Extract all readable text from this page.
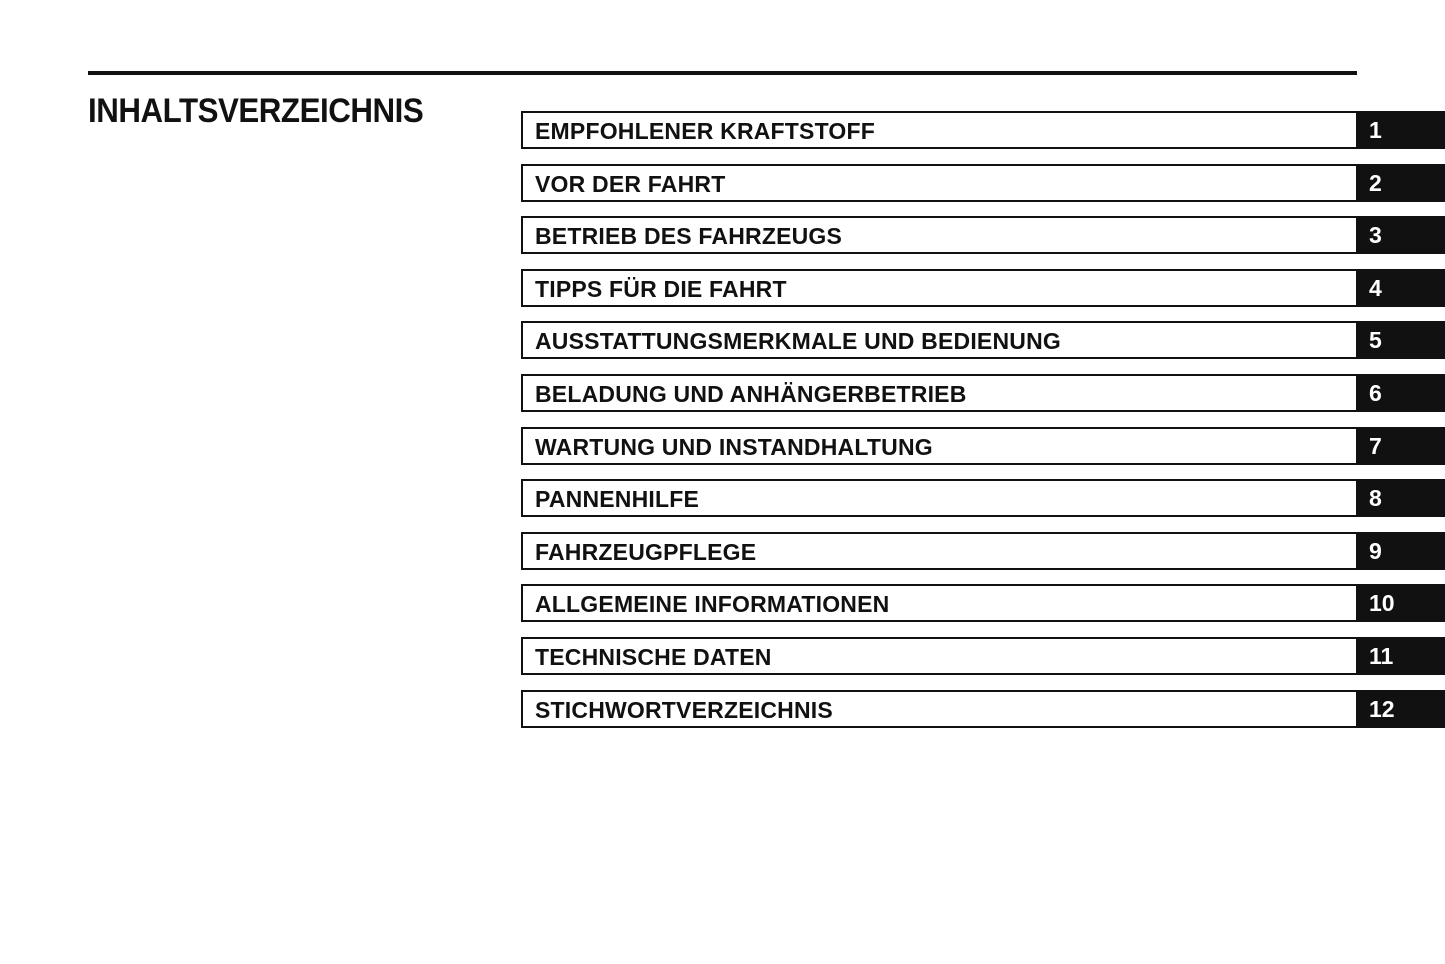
INHALTSVERZEICHNIS
EMPFOHLENER KRAFTSTOFF	1
VOR DER FAHRT	2
BETRIEB DES FAHRZEUGS	3
TIPPS FÜR DIE FAHRT	4
AUSSTATTUNGSMERKMALE UND BEDIENUNG	5
BELADUNG UND ANHÄNGERBETRIEB	6
WARTUNG UND INSTANDHALTUNG	7
PANNENHILFE	8
FAHRZEUGPFLEGE	9
ALLGEMEINE INFORMATIONEN	10
TECHNISCHE DATEN	11
STICHWORTVERZEICHNIS	12
